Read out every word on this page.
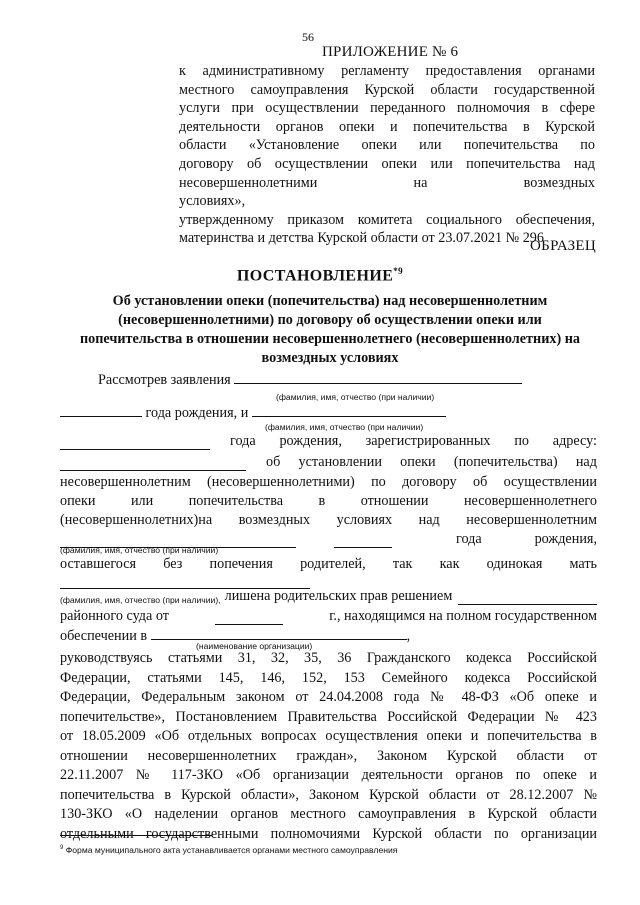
56
ПРИЛОЖЕНИЕ № 6
к административному регламенту предоставления органами
местного самоуправления Курской области государственной
услуги при осуществлении переданного полномочия в сфере
деятельности органов опеки и попечительства в Курской
области «Установление опеки или попечительства по
договору об осуществлении опеки или попечительства над
несовершеннолетними на возмездных условиях»,
утвержденному приказом комитета социального обеспечения,
материнства и детства Курской области от 23.07.2021 № 296
ОБРАЗЕЦ
ПОСТАНОВЛЕНИЕ$^{*9}$
Об установлении опеки (попечительства) над несовершеннолетним
(несовершеннолетними) по договору об осуществлении опеки или
попечительства в отношении несовершеннолетнего (несовершеннолетних) на
возмездных условиях
Рассмотрев заявления
(фамилия, имя, отчество (при наличии)
года рождения, и
(фамилия, имя, отчество (при наличии)
года рождения, зарегистрированных по адресу:
об установлении опеки (попечительства) над
несовершеннолетним (несовершеннолетними) по договору об осуществлении
опеки или попечительства в отношении несовершеннолетнего
(несовершеннолетних)на возмездных условиях над несовершеннолетним
года	рождения,
(фамилия, имя, отчество (при наличии)
оставшегося без попечения родителей, так как одинокая мать
(фамилия, имя, отчество (при наличии), лишена родительских прав решением
районного суда от	г., находящимся на полном государственном
обеспечении в	,
(наименование организации)
руководствуясь статьями 31, 32, 35, 36 Гражданского кодекса Российской
Федерации, статьями 145, 146, 152, 153 Семейного кодекса Российской
Федерации, Федеральным законом от 24.04.2008 года № 48-ФЗ «Об опеке и
попечительстве», Постановлением Правительства Российской Федерации № 423
от 18.05.2009 «Об отдельных вопросах осуществления опеки и попечительства в
отношении несовершеннолетних граждан», Законом Курской области от
22.11.2007 № 117-ЗКО «Об организации деятельности органов по опеке и
попечительства в Курской области», Законом Курской области от 28.12.2007 №
130-ЗКО «О наделении органов местного самоуправления в Курской области
отдельными государственными полномочиями Курской области по организации
$^9$ Форма муниципального акта устанавливается органами местного самоуправления
